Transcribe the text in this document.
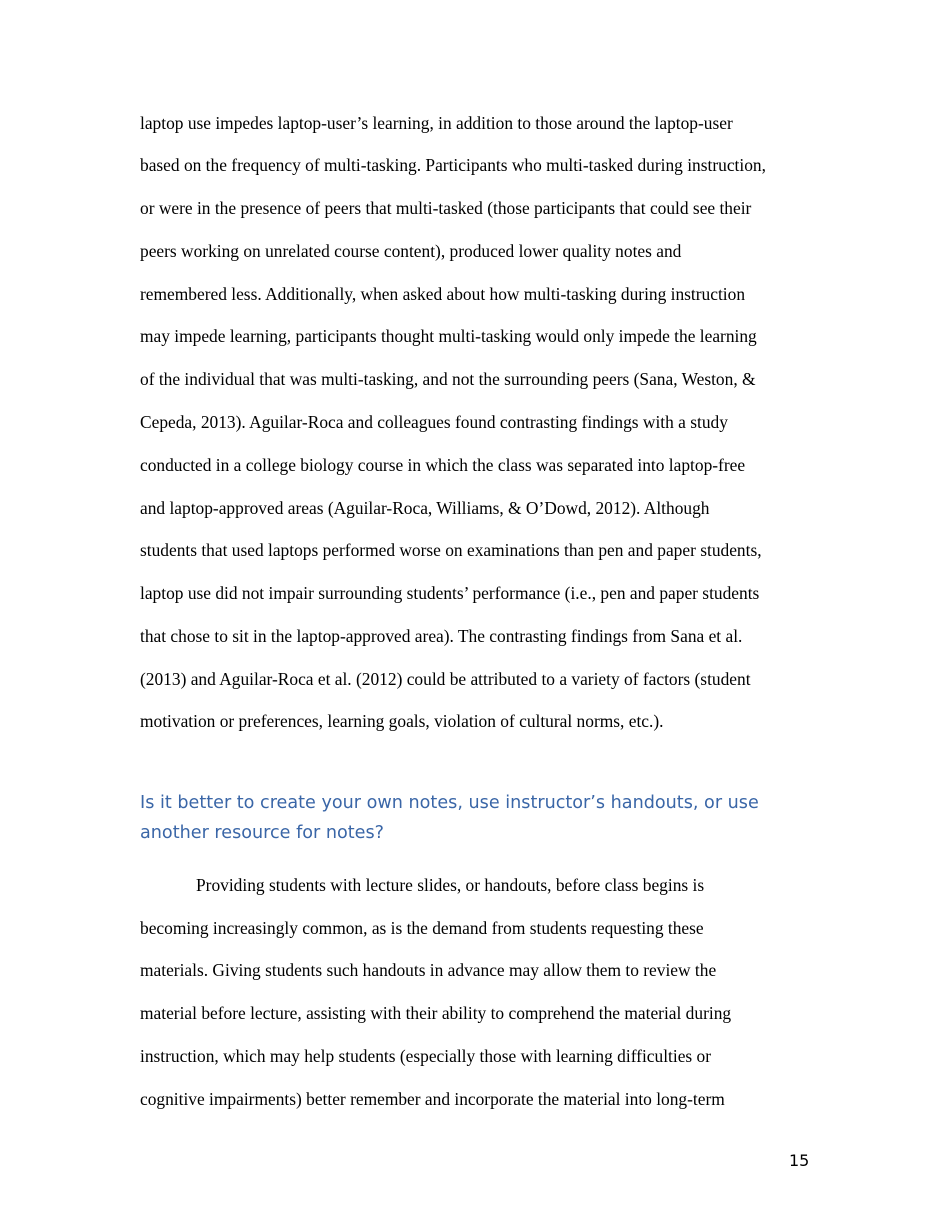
laptop use impedes laptop-user’s learning, in addition to those around the laptop-user
based on the frequency of multi-tasking. Participants who multi-tasked during instruction,
or were in the presence of peers that multi-tasked (those participants that could see their
peers working on unrelated course content), produced lower quality notes and
remembered less. Additionally, when asked about how multi-tasking during instruction
may impede learning, participants thought multi-tasking would only impede the learning
of the individual that was multi-tasking, and not the surrounding peers (Sana, Weston, &
Cepeda, 2013). Aguilar-Roca and colleagues found contrasting findings with a study
conducted in a college biology course in which the class was separated into laptop-free
and laptop-approved areas (Aguilar-Roca, Williams, & O’Dowd, 2012). Although
students that used laptops performed worse on examinations than pen and paper students,
laptop use did not impair surrounding students’ performance (i.e., pen and paper students
that chose to sit in the laptop-approved area). The contrasting findings from Sana et al.
(2013) and Aguilar-Roca et al. (2012) could be attributed to a variety of factors (student
motivation or preferences, learning goals, violation of cultural norms, etc.).
Is it better to create your own notes, use instructor’s handouts, or use
another resource for notes?
Providing students with lecture slides, or handouts, before class begins is
becoming increasingly common, as is the demand from students requesting these
materials. Giving students such handouts in advance may allow them to review the
material before lecture, assisting with their ability to comprehend the material during
instruction, which may help students (especially those with learning difficulties or
cognitive impairments) better remember and incorporate the material into long-term
15
